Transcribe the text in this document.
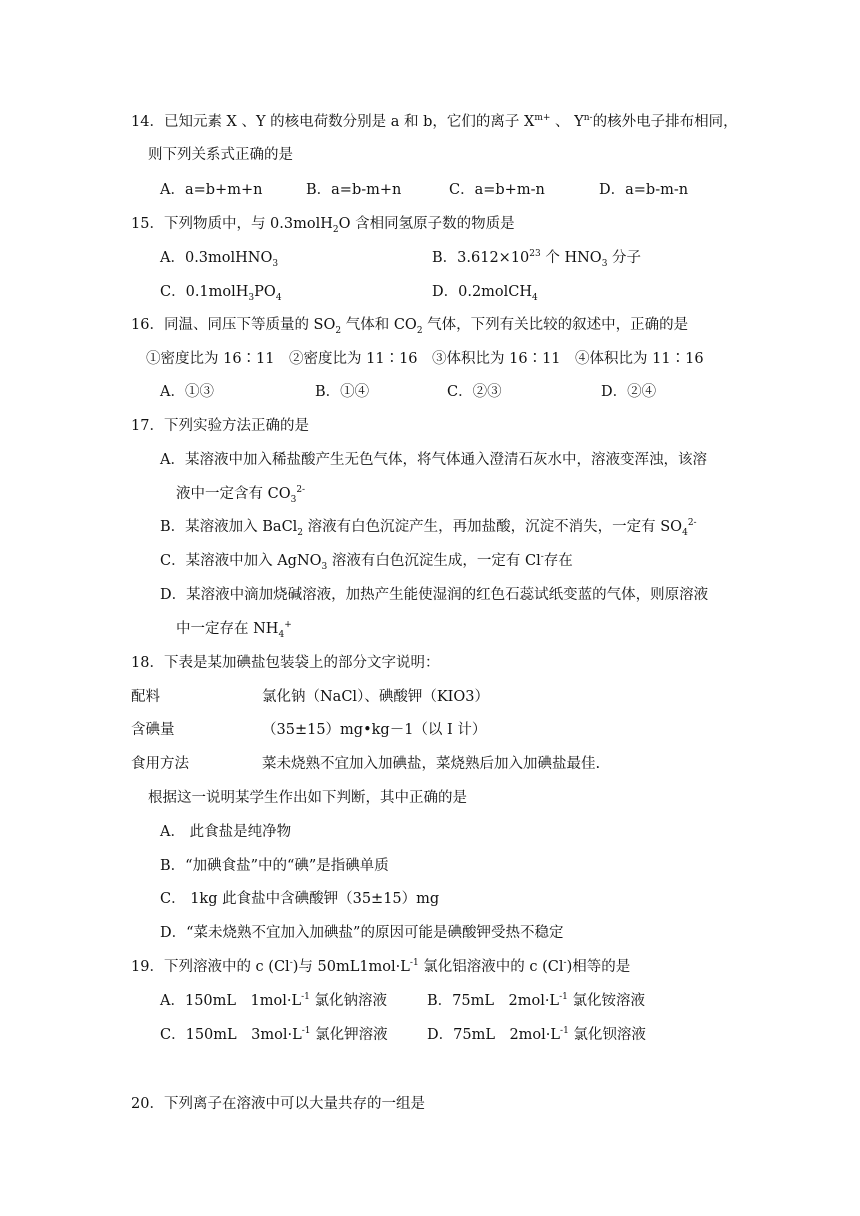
14．已知元素 X 、Y 的核电荷数分别是 a 和 b，它们的离子 $X^{m+}$ 、 $Y^{n-}$的核外电子排布相同，
则下列关系式正确的是
A．a=b+m+n	B．a=b-m+n	C．a=b+m-n	D．a=b-m-n
15．下列物质中，与 0.3molH$_2$O 含相同氢原子数的物质是
A．0.3molHNO$_3$	B．$3.612\times 10^{23}$ 个 $HNO_3$ 分子
C．$0.1molH_3PO_4$	D．0.2molCH$_4$
16．同温、同压下等质量的 $SO_2$ 气体和 $CO_2$ 气体，下列有关比较的叙述中，正确的是
①密度比为 16∶11　②密度比为 11∶16　③体积比为 16∶11　④体积比为 11∶16
A．①③	B．①④	C．②③	D．②④
17．下列实验方法正确的是
A．某溶液中加入稀盐酸产生无色气体，将气体通入澄清石灰水中，溶液变浑浊，该溶
液中一定含有 $CO_3^{2-}$
B．某溶液加入 BaCl$_2$ 溶液有白色沉淀产生，再加盐酸，沉淀不消失，一定有 $SO_4^{2-}$
C．某溶液中加入 AgNO$_3$ 溶液有白色沉淀生成，一定有 Cl-存在
D．某溶液中滴加烧碱溶液，加热产生能使湿润的红色石蕊试纸变蓝的气体，则原溶液
中一定存在 $NH_4^+$
18．下表是某加碘盐包装袋上的部分文字说明：
配料	氯化钠（NaCl）、碘酸钾（KIO3）
含碘量	（35±15）mg•kg－1（以 I 计）
食用方法	菜未烧熟不宜加入加碘盐，菜烧熟后加入加碘盐最佳.
根据这一说明某学生作出如下判断，其中正确的是
A． 此食盐是纯净物
B．“加碘食盐”中的“碘”是指碘单质
C． 1kg 此食盐中含碘酸钾（35±15）mg
D．“菜未烧熟不宜加入加碘盐”的原因可能是碘酸钾受热不稳定
19．下列溶液中的 c (Cl-)与 $50mL1mol\cdot L^{-1}$ 氯化铝溶液中的 c (Cl-)相等的是
A．150mL　$1mol\cdot L^{-1}$ 氯化钠溶液	B．75mL　$2mol\cdot L^{-1}$ 氯化铵溶液
C．150mL　$3mol\cdot L^{-1}$ 氯化钾溶液	D．75mL　$2mol\cdot L^{-1}$ 氯化钡溶液
20．下列离子在溶液中可以大量共存的一组是
